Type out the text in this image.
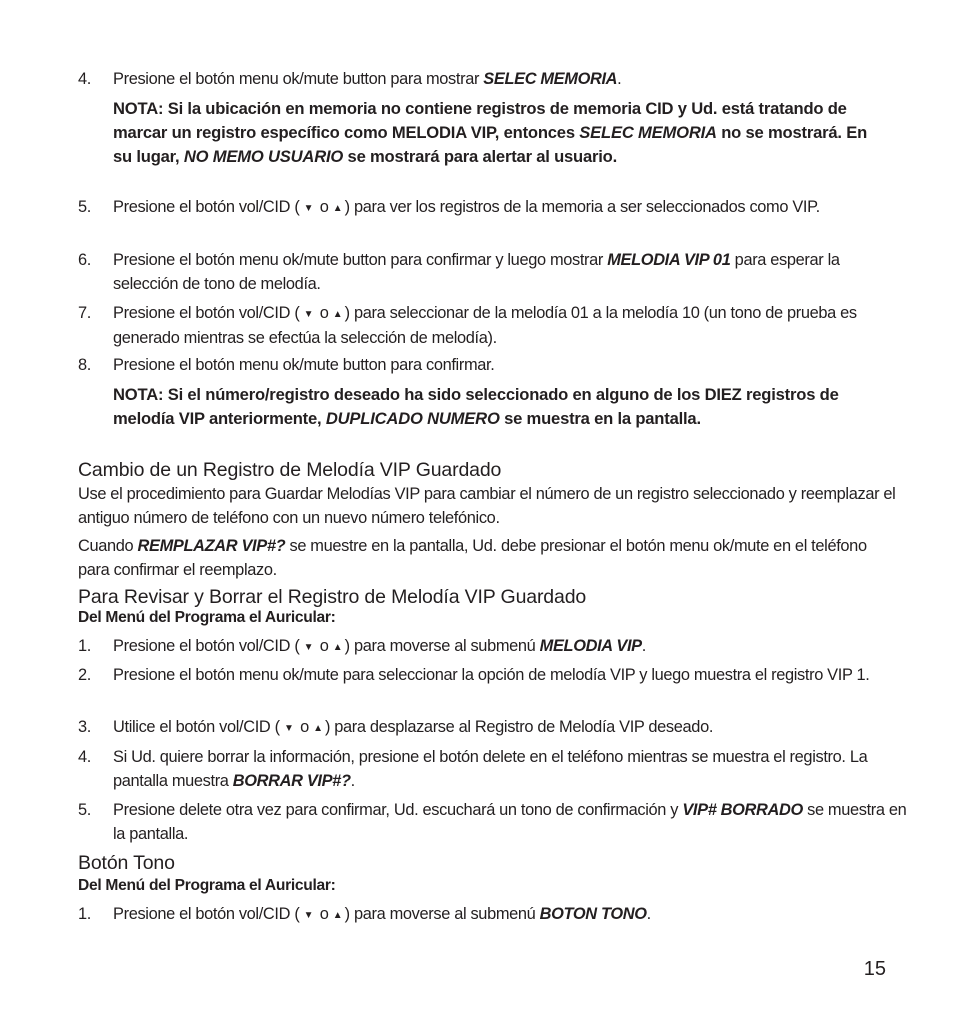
4.	Presione el botón menu ok/mute button para mostrar SELEC MEMORIA.
NOTA: Si la ubicación en memoria no contiene registros de memoria CID y Ud. está tratando de marcar un registro específico como MELODIA VIP, entonces SELEC MEMORIA no se mostrará. En su lugar, NO MEMO USUARIO se mostrará para alertar al usuario.
5.	Presione el botón vol/CID ( ▼ o ▲) para ver los registros de la memoria a ser seleccionados como VIP.
6.	Presione el botón menu ok/mute button para confirmar y luego mostrar MELODIA VIP 01 para esperar la selección de tono de melodía.
7.	Presione el botón vol/CID ( ▼ o ▲) para seleccionar de la melodía 01 a la melodía 10 (un tono de prueba es generado mientras se efectúa la selección de melodía).
8.	Presione el botón menu ok/mute button para confirmar.
NOTA: Si el número/registro deseado ha sido seleccionado en alguno de los DIEZ registros de melodía VIP anteriormente, DUPLICADO NUMERO se muestra en la pantalla.
Cambio de un Registro de Melodía VIP Guardado
Use el procedimiento para Guardar Melodías VIP para cambiar el número de un registro seleccionado y reemplazar el antiguo número de teléfono con un nuevo número telefónico.
Cuando REMPLAZAR VIP#? se muestre en la pantalla, Ud. debe presionar el botón menu ok/mute en el teléfono para confirmar el reemplazo.
Para Revisar y Borrar el Registro de Melodía VIP Guardado
Del Menú del Programa el Auricular:
1.	Presione el botón vol/CID ( ▼ o ▲) para moverse al submenú MELODIA VIP.
2.	Presione el botón menu ok/mute para seleccionar la opción de melodía VIP y luego muestra el registro VIP 1.
3.	Utilice el botón vol/CID ( ▼ o ▲) para desplazarse al Registro de Melodía VIP deseado.
4.	Si Ud. quiere borrar la información, presione el botón delete en el teléfono mientras se muestra el registro. La pantalla muestra BORRAR VIP#?.
5.	Presione delete otra vez para confirmar, Ud. escuchará un tono de confirmación y VIP# BORRADO se muestra en la pantalla.
Botón Tono
Del Menú del Programa el Auricular:
1.	Presione el botón vol/CID ( ▼ o ▲) para moverse al submenú BOTON TONO.
15
